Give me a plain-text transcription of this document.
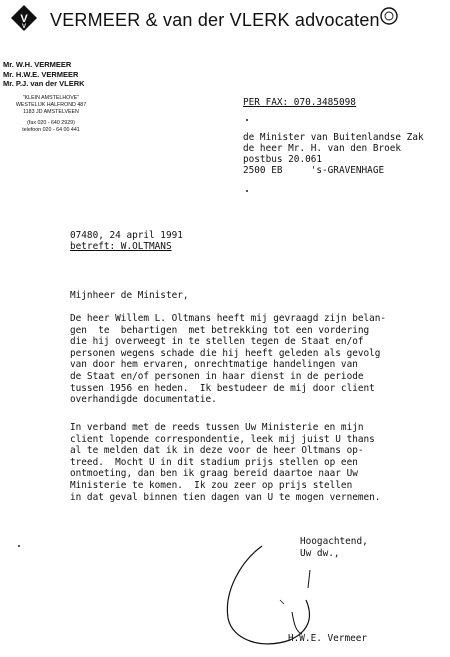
V
V VERMEER & van der VLERK advocaten
Mr. W.H. VERMEER
Mr. H.W.E. VERMEER
Mr. P.J. van der VLERK
"KLEIN AMSTELHOVE"
WESTELIJK HALFROND 487
1183 JD AMSTELVEEN
(fax 020 - 640 2929)
telefoon 020 - 64 00 441
PER FAX: 070.3485098
de Minister van Buitenlandse Zak
de heer Mr. H. van den Broek
postbus 20.061
2500 EB     's-GRAVENHAGE
07480, 24 april 1991
betreft: W.OLTMANS
Mijnheer de Minister,
De heer Willem L. Oltmans heeft mij gevraagd zijn belan-
gen  te  behartigen  met betrekking tot een vordering
die hij overweegt in te stellen tegen de Staat en/of
personen wegens schade die hij heeft geleden als gevolg
van door hem ervaren, onrechtmatige handelingen van
de Staat en/of personen in haar dienst in de periode
tussen 1956 en heden.  Ik bestudeer de mij door client
overhandigde documentatie.
In verband met de reeds tussen Uw Ministerie en mijn
client lopende correspondentie, leek mij juist U thans
al te melden dat ik in deze voor de heer Oltmans op-
treed.  Mocht U in dit stadium prijs stellen op een
ontmoeting, dan ben ik graag bereid daartoe naar Uw
Ministerie te komen.  Ik zou zeer op prijs stellen
in dat geval binnen tien dagen van U te mogen vernemen.
Hoogachtend,
Uw dw.,
H.W.E. Vermeer
